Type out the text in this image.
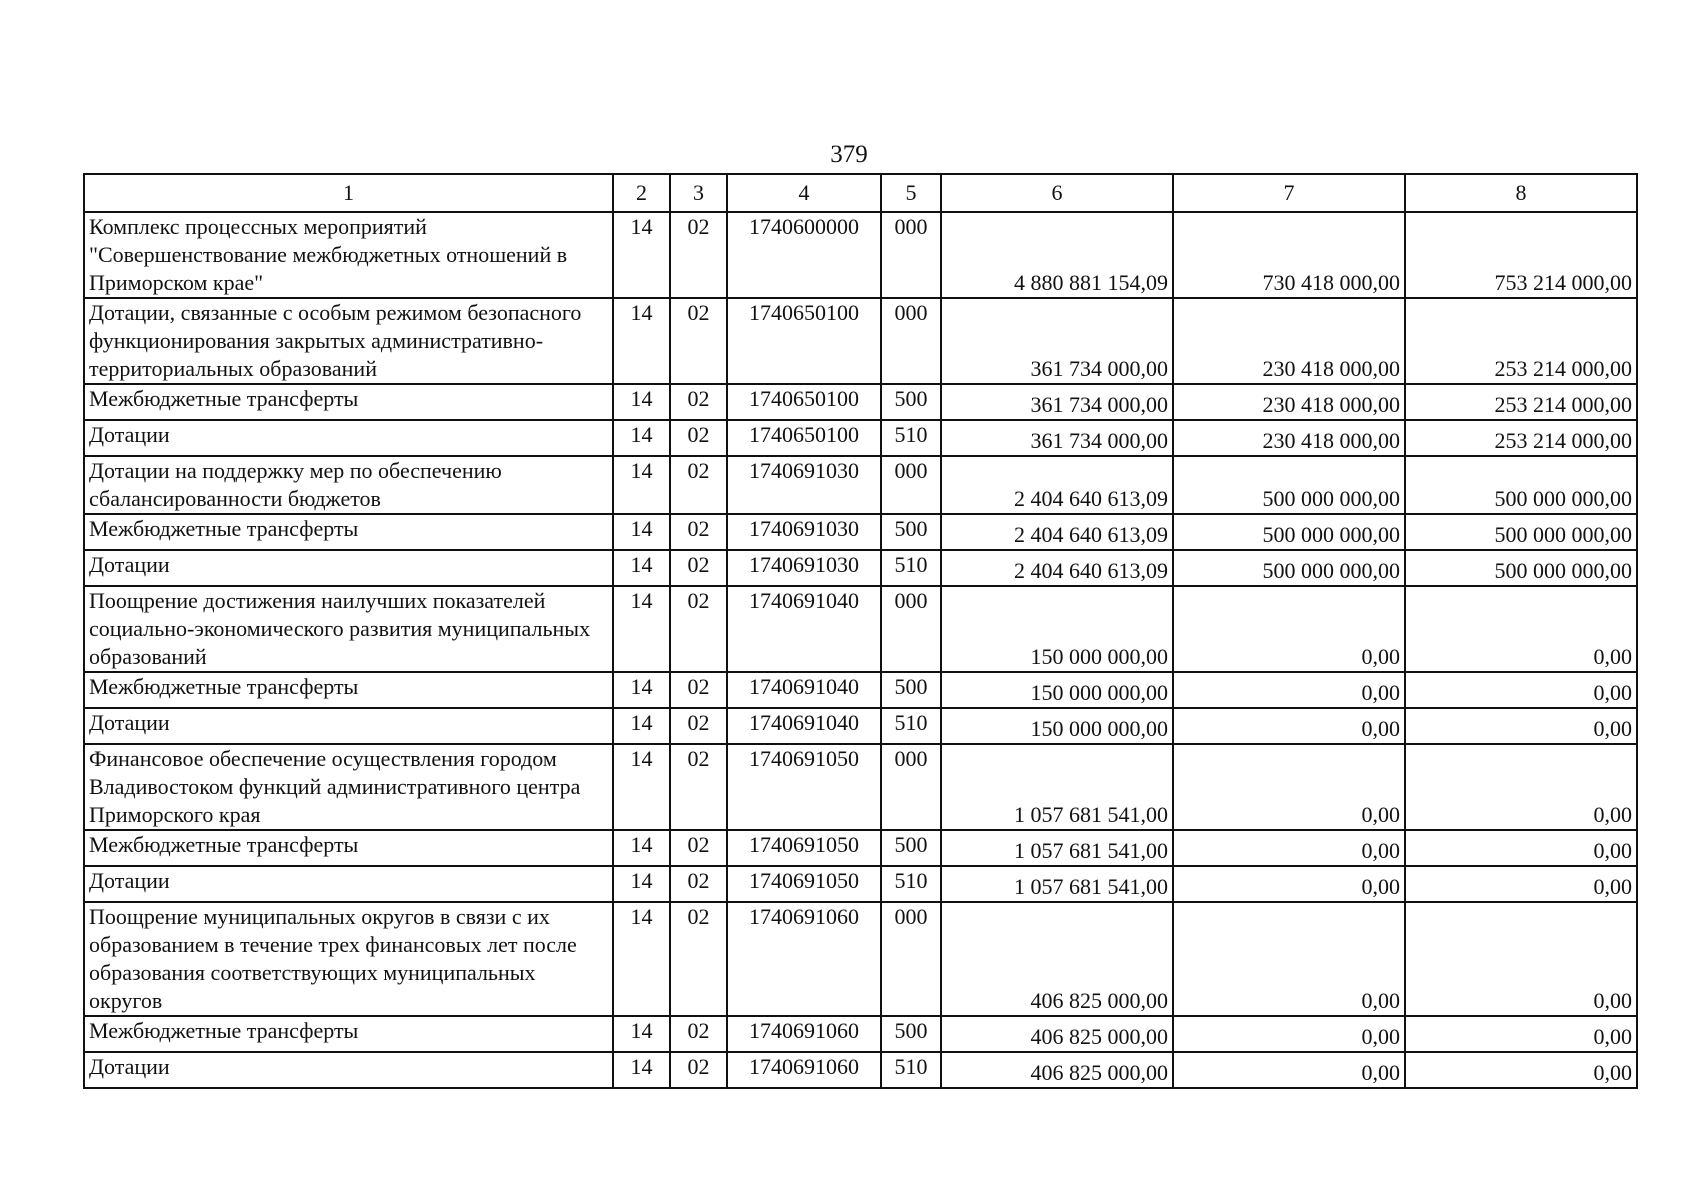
379
1	2	3	4	5	6	7	8
Комплекс процессных мероприятий "Совершенствование межбюджетных отношений в Приморском крае"	14	02	1740600000	000	4 880 881 154,09	730 418 000,00	753 214 000,00
Дотации, связанные с особым режимом безопасного функционирования закрытых административно-территориальных образований	14	02	1740650100	000	361 734 000,00	230 418 000,00	253 214 000,00
Межбюджетные трансферты	14	02	1740650100	500	361 734 000,00	230 418 000,00	253 214 000,00
Дотации	14	02	1740650100	510	361 734 000,00	230 418 000,00	253 214 000,00
Дотации на поддержку мер по обеспечению сбалансированности бюджетов	14	02	1740691030	000	2 404 640 613,09	500 000 000,00	500 000 000,00
Межбюджетные трансферты	14	02	1740691030	500	2 404 640 613,09	500 000 000,00	500 000 000,00
Дотации	14	02	1740691030	510	2 404 640 613,09	500 000 000,00	500 000 000,00
Поощрение достижения наилучших показателей социально-экономического развития муниципальных образований	14	02	1740691040	000	150 000 000,00	0,00	0,00
Межбюджетные трансферты	14	02	1740691040	500	150 000 000,00	0,00	0,00
Дотации	14	02	1740691040	510	150 000 000,00	0,00	0,00
Финансовое обеспечение осуществления городом Владивостоком функций административного центра Приморского края	14	02	1740691050	000	1 057 681 541,00	0,00	0,00
Межбюджетные трансферты	14	02	1740691050	500	1 057 681 541,00	0,00	0,00
Дотации	14	02	1740691050	510	1 057 681 541,00	0,00	0,00
Поощрение муниципальных округов в связи с их образованием в течение трех финансовых лет после образования соответствующих муниципальных округов	14	02	1740691060	000	406 825 000,00	0,00	0,00
Межбюджетные трансферты	14	02	1740691060	500	406 825 000,00	0,00	0,00
Дотации	14	02	1740691060	510	406 825 000,00	0,00	0,00
